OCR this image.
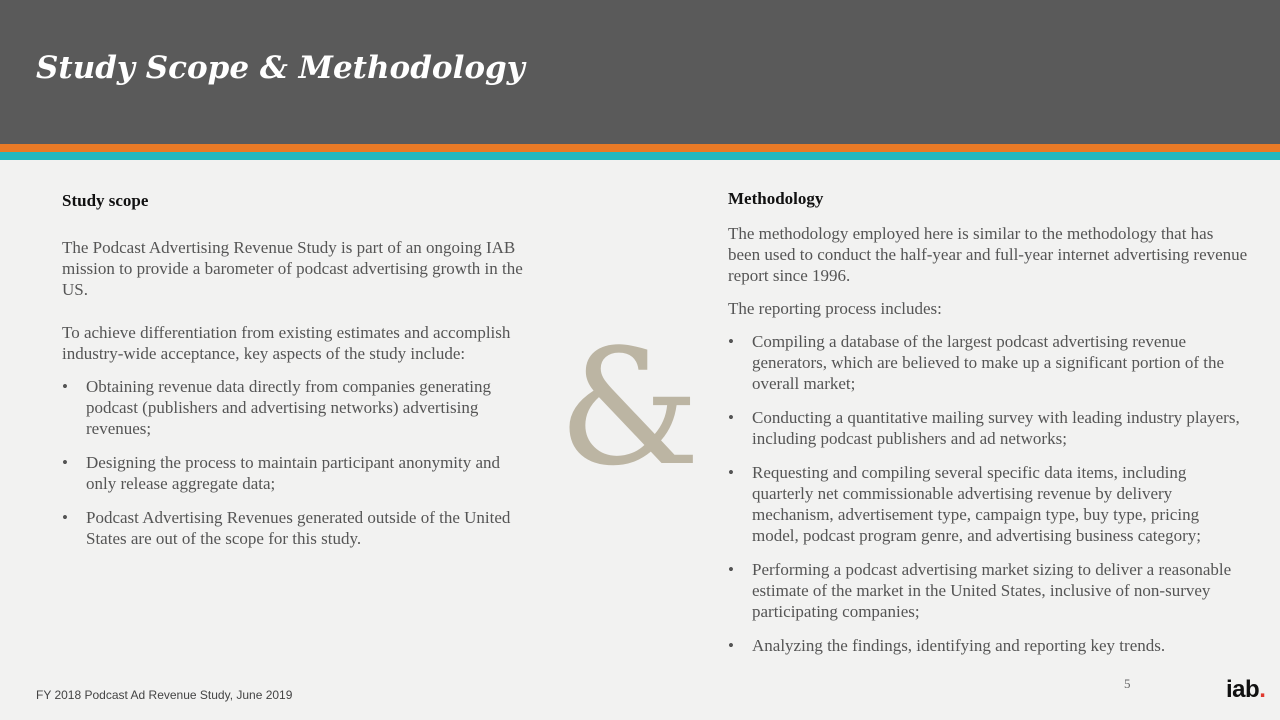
Study Scope & Methodology
Study scope

The Podcast Advertising Revenue Study is part of an ongoing IAB mission to provide a barometer of podcast advertising growth in the US.

To achieve differentiation from existing estimates and accomplish industry-wide acceptance, key aspects of the study include:

• Obtaining revenue data directly from companies generating podcast (publishers and advertising networks) advertising revenues;
• Designing the process to maintain participant anonymity and only release aggregate data;
• Podcast Advertising Revenues generated outside of the United States are out of the scope for this study.
&
Methodology

The methodology employed here is similar to the methodology that has been used to conduct the half-year and full-year internet advertising revenue report since 1996.

The reporting process includes:

• Compiling a database of the largest podcast advertising revenue generators, which are believed to make up a significant portion of the overall market;
• Conducting a quantitative mailing survey with leading industry players, including podcast publishers and ad networks;
• Requesting and compiling several specific data items, including quarterly net commissionable advertising revenue by delivery mechanism, advertisement type, campaign type, buy type, pricing model, podcast program genre, and advertising business category;
• Performing a podcast advertising market sizing to deliver a reasonable estimate of the market in the United States, inclusive of non-survey participating companies;
• Analyzing the findings, identifying and reporting key trends.
FY 2018 Podcast Ad Revenue Study, June 2019
5	iab.
